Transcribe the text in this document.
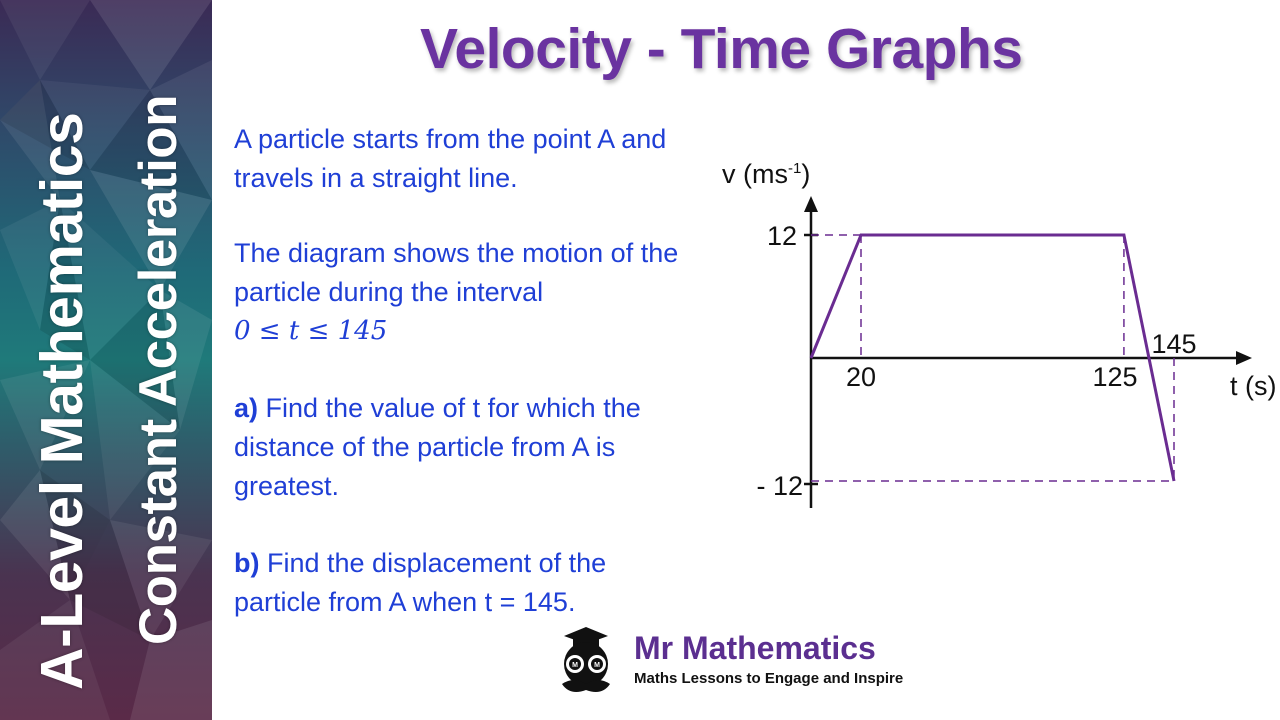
A-Level Mathematics Constant Acceleration
Velocity - Time Graphs

A particle starts from the point A and travels in a straight line.

The diagram shows the motion of the particle during the interval

0 ≤ t ≤ 145

a) Find the value of t for which the distance of the particle from A is greatest.

b) Find the displacement of the particle from A when t = 145.

v $(ms^{-1})$
t (s)
12
- 12
20	125
145
M M Mr Mathematics
Maths Lessons to Engage and Inspire
